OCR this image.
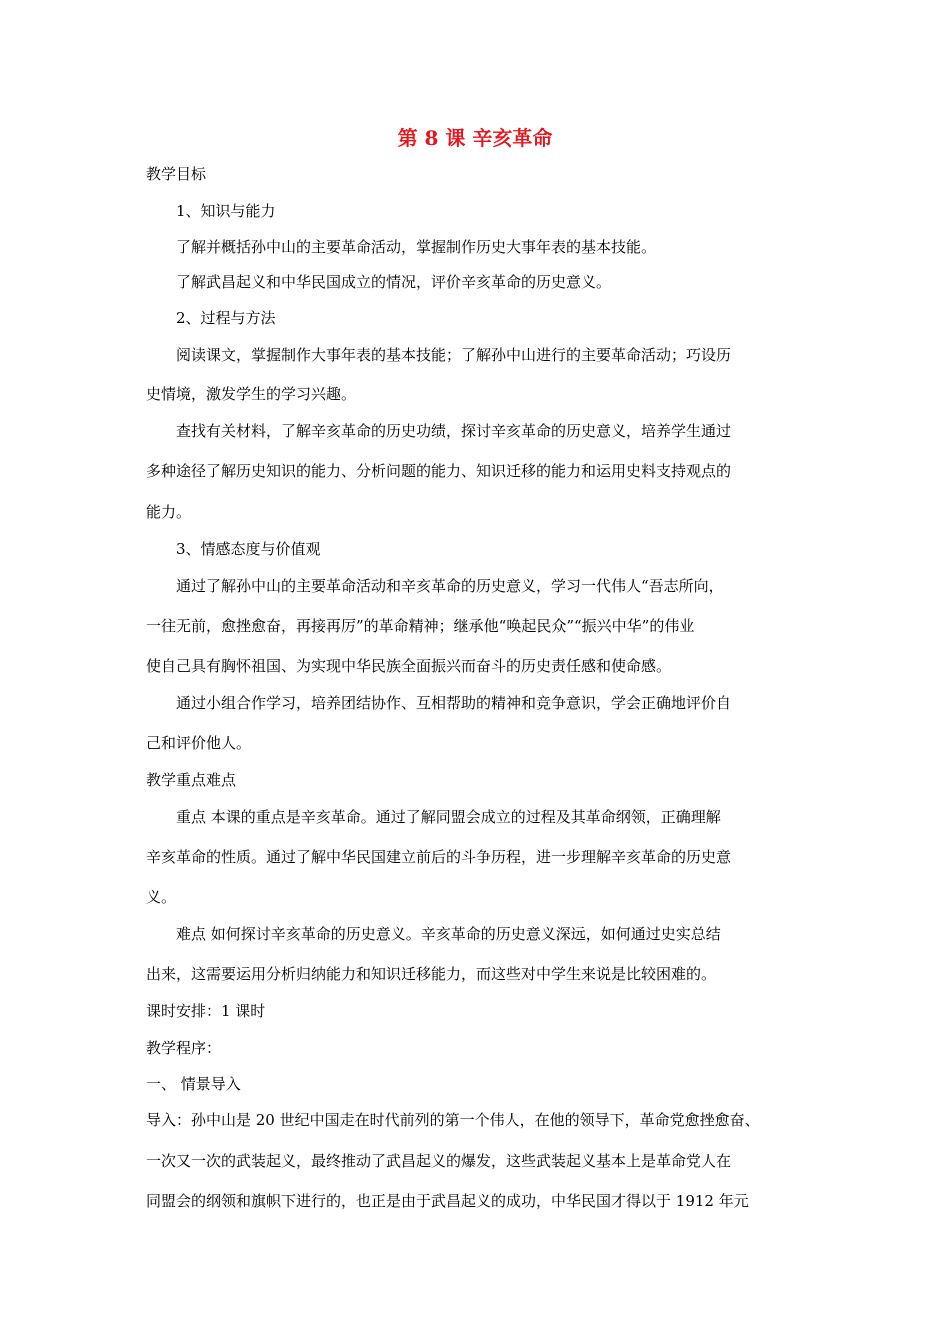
第 8 课 辛亥革命
教学目标
1、知识与能力
了解并概括孙中山的主要革命活动，掌握制作历史大事年表的基本技能。
了解武昌起义和中华民国成立的情况，评价辛亥革命的历史意义。
2、过程与方法
阅读课文，掌握制作大事年表的基本技能；了解孙中山进行的主要革命活动；巧设历
史情境，激发学生的学习兴趣。
查找有关材料，了解辛亥革命的历史功绩，探讨辛亥革命的历史意义，培养学生通过
多种途径了解历史知识的能力、分析问题的能力、知识迁移的能力和运用史料支持观点的
能力。
3、情感态度与价值观
通过了解孙中山的主要革命活动和辛亥革命的历史意义，学习一代伟人“吾志所向，
一往无前，愈挫愈奋，再接再厉”的革命精神；继承他“唤起民众”“振兴中华”的伟业
使自己具有胸怀祖国、为实现中华民族全面振兴而奋斗的历史责任感和使命感。
通过小组合作学习，培养团结协作、互相帮助的精神和竞争意识，学会正确地评价自
己和评价他人。
教学重点难点
重点 本课的重点是辛亥革命。通过了解同盟会成立的过程及其革命纲领，正确理解
辛亥革命的性质。通过了解中华民国建立前后的斗争历程，进一步理解辛亥革命的历史意
义。
难点 如何探讨辛亥革命的历史意义。辛亥革命的历史意义深远，如何通过史实总结
出来，这需要运用分析归纳能力和知识迁移能力，而这些对中学生来说是比较困难的。
课时安排：1 课时
教学程序：
一、 情景导入
导入：孙中山是 20 世纪中国走在时代前列的第一个伟人，在他的领导下，革命党愈挫愈奋、
一次又一次的武装起义，最终推动了武昌起义的爆发，这些武装起义基本上是革命党人在
同盟会的纲领和旗帜下进行的，也正是由于武昌起义的成功，中华民国才得以于 1912 年元
